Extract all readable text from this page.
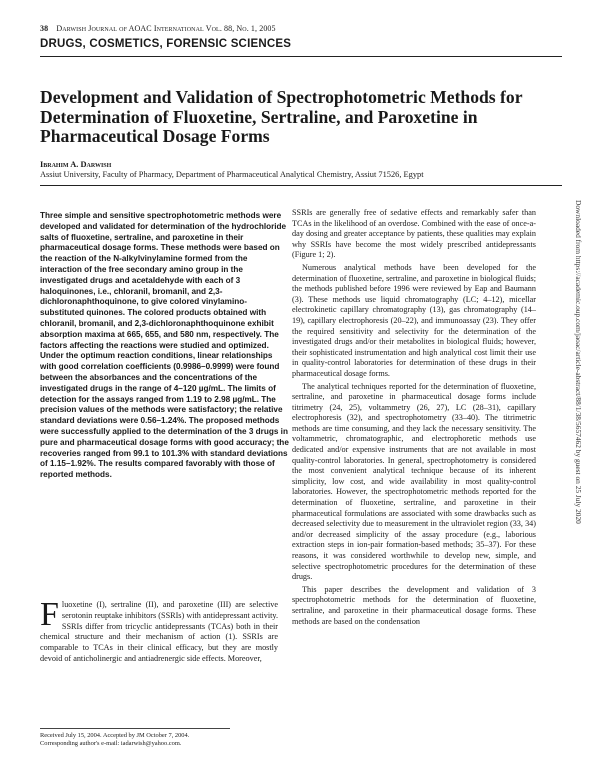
38 Darwish Journal of AOAC International Vol. 88, No. 1, 2005
DRUGS, COSMETICS, FORENSIC SCIENCES
Development and Validation of Spectrophotometric Methods for Determination of Fluoxetine, Sertraline, and Paroxetine in Pharmaceutical Dosage Forms
Ibrahim A. Darwish
Assiut University, Faculty of Pharmacy, Department of Pharmaceutical Analytical Chemistry, Assiut 71526, Egypt

Three simple and sensitive spectrophotometric methods were developed and validated for determination of the hydrochloride salts of fluoxetine, sertraline, and paroxetine in their pharmaceutical dosage forms. These methods were based on the reaction of the N-alkylvinylamine formed from the interaction of the free secondary amino group in the investigated drugs and acetaldehyde with each of 3 haloquinones, i.e., chloranil, bromanil, and 2,3-dichloronaphthoquinone, to give colored vinylamino-substituted quinones. The colored products obtained with chloranil, bromanil, and 2,3-dichloronaphthoquinone exhibit absorption maxima at 665, 655, and 580 nm, respectively. The factors affecting the reactions were studied and optimized. Under the optimum reaction conditions, linear relationships with good correlation coefficients (0.9986–0.9999) were found between the absorbances and the concentrations of the investigated drugs in the range of 4–120 µg/mL. The limits of detection for the assays ranged from 1.19 to 2.98 µg/mL. The precision values of the methods were satisfactory; the relative standard deviations were 0.56–1.24%. The proposed methods were successfully applied to the determination of the 3 drugs in pure and pharmaceutical dosage forms with good accuracy; the recoveries ranged from 99.1 to 101.3% with standard deviations of 1.15–1.92%. The results compared favorably with those of reported methods.

Fluoxetine (I), sertraline (II), and paroxetine (III) are selective serotonin reuptake inhibitors (SSRIs) with antidepressant activity. SSRIs differ from tricyclic antidepressants (TCAs) both in their chemical structure and their mechanism of action (1). SSRIs are comparable to TCAs in their clinical efficacy, but they are mostly devoid of anticholinergic and antiadrenergic side effects. Moreover,

Received July 15, 2004. Accepted by JM October 7, 2004.
Corresponding author's e-mail: iadarwish@yahoo.com.

SSRIs are generally free of sedative effects and remarkably safer than TCAs in the likelihood of an overdose. Combined with the ease of once-a-day dosing and greater acceptance by patients, these qualities may explain why SSRIs have become the most widely prescribed antidepressants (Figure 1; 2).

Numerous analytical methods have been developed for the determination of fluoxetine, sertraline, and paroxetine in biological fluids; the methods published before 1996 were reviewed by Eap and Baumann (3). These methods use liquid chromatography (LC; 4–12), micellar electrokinetic capillary chromatography (13), gas chromatography (14–19), capillary electrophoresis (20–22), and immunoassay (23). They offer the required sensitivity and selectivity for the determination of the investigated drugs and/or their metabolites in biological fluids; however, their sophisticated instrumentation and high analytical cost limit their use in quality-control laboratories for determination of these drugs in their pharmaceutical dosage forms.

The analytical techniques reported for the determination of fluoxetine, sertraline, and paroxetine in pharmaceutical dosage forms include titrimetry (24, 25), voltammetry (26, 27), LC (28–31), capillary electrophoresis (32), and spectrophotometry (33–40). The titrimetric methods are time consuming, and they lack the necessary sensitivity. The voltammetric, chromatographic, and electrophoretic methods use dedicated and/or expensive instruments that are not available in most quality-control laboratories. In general, spectrophotometry is considered the most convenient analytical technique because of its inherent simplicity, low cost, and wide availability in most quality-control laboratories. However, the spectrophotometric methods reported for the determination of fluoxetine, sertraline, and paroxetine in their pharmaceutical formulations are associated with some drawbacks such as decreased selectivity due to measurement in the ultraviolet region (33, 34) and/or decreased simplicity of the assay procedure (e.g., laborious extraction steps in ion-pair formation-based methods; 35–37). For these reasons, it was considered worthwhile to develop new, simple, and selective spectrophotometric procedures for the determination of these drugs.

This paper describes the development and validation of 3 spectrophotometric methods for the determination of fluoxetine, sertraline, and paroxetine in their pharmaceutical dosage forms. These methods are based on the condensation

Downloaded from https://academic.oup.com/jaoac/article-abstract/88/1/38/5657462 by guest on 25 July 2020
